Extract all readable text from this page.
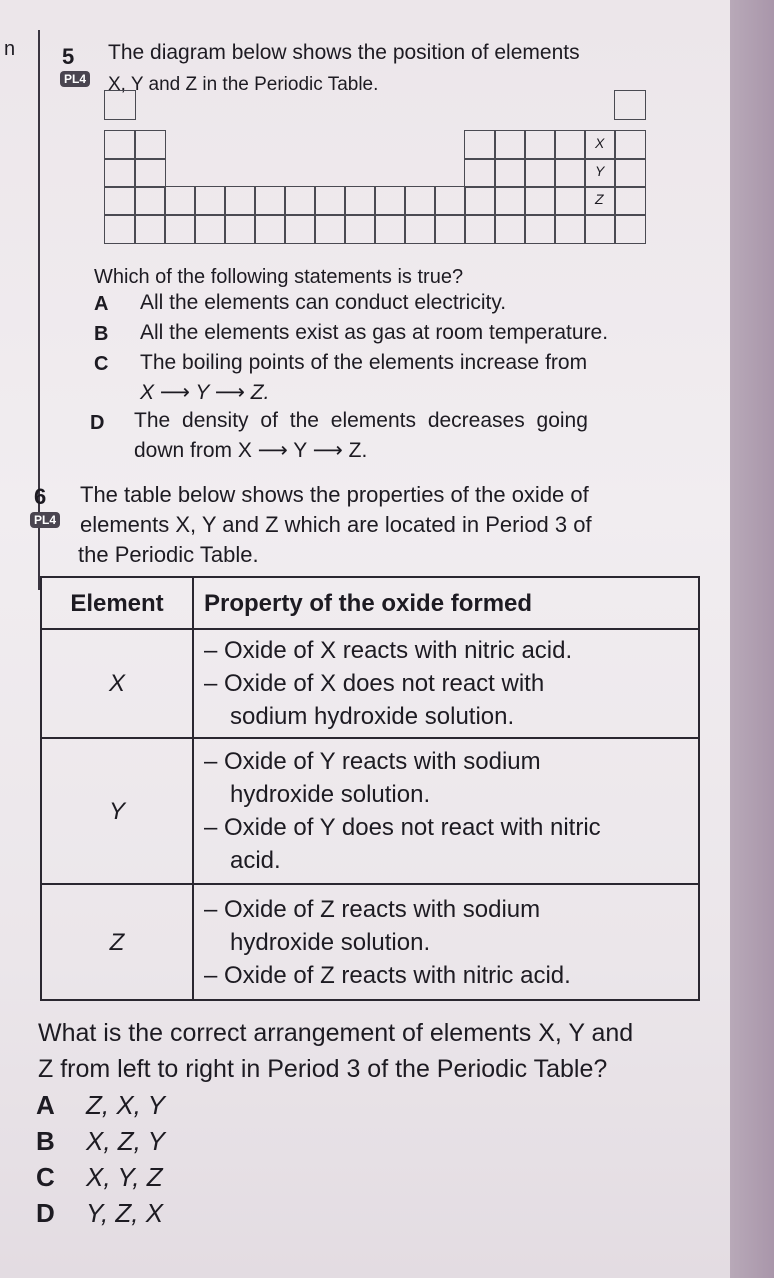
n 5
PL4
The diagram below shows the position of elements
X, Y and Z in the Periodic Table.
X
Y
Z
Which of the following statements is true?
A All the elements can conduct electricity.
B All the elements exist as gas at room temperature.
C The boiling points of the elements increase from
X ⟶ Y ⟶ Z.
D The density of the elements decreases going
down from X ⟶ Y ⟶ Z.
6
PL4
The table below shows the properties of the oxide of
elements X, Y and Z which are located in Period 3 of
the Periodic Table.
Element	Property of the oxide formed
X	– Oxide of X reacts with nitric acid.
– Oxide of X does not react with
sodium hydroxide solution.

Y	– Oxide of Y reacts with sodium
hydroxide solution.
– Oxide of Y does not react with nitric
acid.

Z	– Oxide of Z reacts with sodium
hydroxide solution.
– Oxide of Z reacts with nitric acid.
What is the correct arrangement of elements X, Y and
Z from left to right in Period 3 of the Periodic Table?
A Z, X, Y
B X, Z, Y
C X, Y, Z
D Y, Z, X
